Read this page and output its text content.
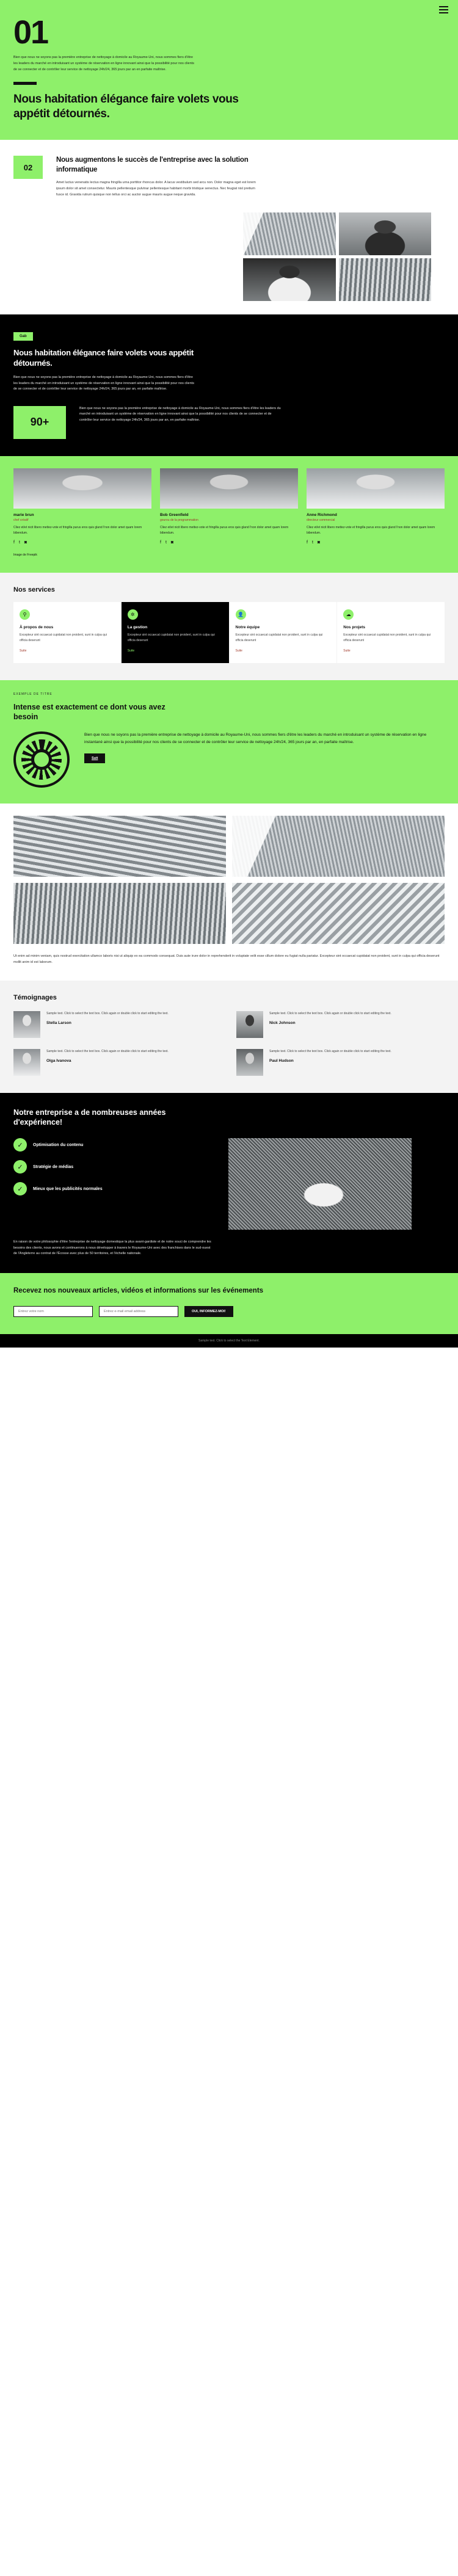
01

Bien que nous ne soyons pas la première entreprise de nettoyage à domicile au Royaume-Uni, nous sommes fiers d'être les leaders du marché en introduisant un système de réservation en ligne innovant ainsi que la possibilité pour nos clients de se connecter et de contrôler leur service de nettoyage 24h/24, 365 jours par an en parfaite maîtrise.

Nous habitation élégance faire volets vous appétit détournés.
02
Nous augmentons le succès de l'entreprise avec la solution informatique

Amet luctus venenatis lectus magna fringilla urna porttitor rhoncus dolor. A lacus vestibulum sed arcu non. Dolor magna eget est lorem ipsum dolor sit amet consectetur. Mauris pellentesque pulvinar pellentesque habitant morbi tristique senectus. Nec feugiat nisl pretium fusce id. Gravida rutrum quisque non tellus orci ac auctor augue mauris augue neque gravida.

Gab
Nous habitation élégance faire volets vous appétit détournés.

Bien que nous ne soyons pas la première entreprise de nettoyage à domicile au Royaume-Uni, nous sommes fiers d'être les leaders du marché en introduisant un système de réservation en ligne innovant ainsi que la possibilité pour nos clients de se connecter et de contrôler leur service de nettoyage 24h/24, 365 jours par an, en parfaite maîtrise.

90+

Bien que nous ne soyons pas la première entreprise de nettoyage à domicile au Royaume-Uni, nous sommes fiers d'être les leaders du marché en introduisant un système de réservation en ligne innovant ainsi que la possibilité pour nos clients de se connecter et de contrôler leur service de nettoyage 24h/24, 365 jours par an, en parfaite maîtrise.

marie brun
chef créatif
Cliez et/et nicit libero mettez-vote et fringilla purus eros quis gland l'non dolor amet quam lorem bibendum.
f t ◙
Bob Greenfield
gourou de la programmation
Cliez et/et nicit libero mettez-vote et fringilla purus eros quis gland l'non dolor amet quam lorem bibendum.
f t ◙
Anne Richmond
directeur commercial
Cliez et/et nicit libero mettez-vote et fringilla purus eros quis gland l'non dolor amet quam lorem bibendum.
f t ◙
Image de Freepik
Nos services
⚲
À propos de nous

Excepteur sint occaecat cupidatat non proident, sunt in culpa qui officia deserunt

Suite
✲
La gestion

Excepteur sint occaecat cupidatat non proident, sunt in culpa qui officia deserunt

Suite
👤
Notre équipe

Excepteur sint occaecat cupidatat non proident, sunt in culpa qui officia deserunt

Suite
☁
Nos projets

Excepteur sint occaecat cupidatat non proident, sunt in culpa qui officia deserunt

Suite
EXEMPLE DE TITRE
Intense est exactement ce dont vous avez besoin

Bien que nous ne soyons pas la première entreprise de nettoyage à domicile au Royaume-Uni, nous sommes fiers d'être les leaders du marché en introduisant un système de réservation en ligne instantané ainsi que la possibilité pour nos clients de se connecter et de contrôler leur service de nettoyage 24h/24, 365 jours par an, en parfaite maîtrise.

Suit

Ut enim ad minim veniam, quis nostrud exercitation ullamco laboris nisi ut aliquip ex ea commodo consequat. Duis aute irure dolor in reprehenderit in voluptate velit esse cillum dolore eu fugiat nulla pariatur. Excepteur sint occaecat cupidatat non proident, sunt in culpa qui officia deserunt mollit anim id est laborum.

Témoignages

Sample text. Click to select the text box. Click again or double click to start editing the text.

Stella Larson

Sample text. Click to select the text box. Click again or double click to start editing the text.

Nick Johnson

Sample text. Click to select the text box. Click again or double click to start editing the text.

Olga Ivanova

Sample text. Click to select the text box. Click again or double click to start editing the text.

Paul Hudson
Notre entreprise a de nombreuses années d'expérience!
✓	Optimisation du contenu
✓	Stratégie de médias
✓	Mieux que les publicités normales

En raison de votre philosophie d'être l'entreprise de nettoyage domestique la plus avant-gardiste et de notre souci de comprendre les besoins des clients, nous avons et continuerons à nous développer à travers le Royaume-Uni avec des franchises dans le sud-ouest de l'Angleterre au contrat de l'Écosse avec plus de 50 territoires, et l'échelle nationale.

Recevez nos nouveaux articles, vidéos et informations sur les événements
Entrez votre nom
Entrez e-mail email address
OUI, INFORMEZ-MOI!
Sample text. Click to select the Text Element.
